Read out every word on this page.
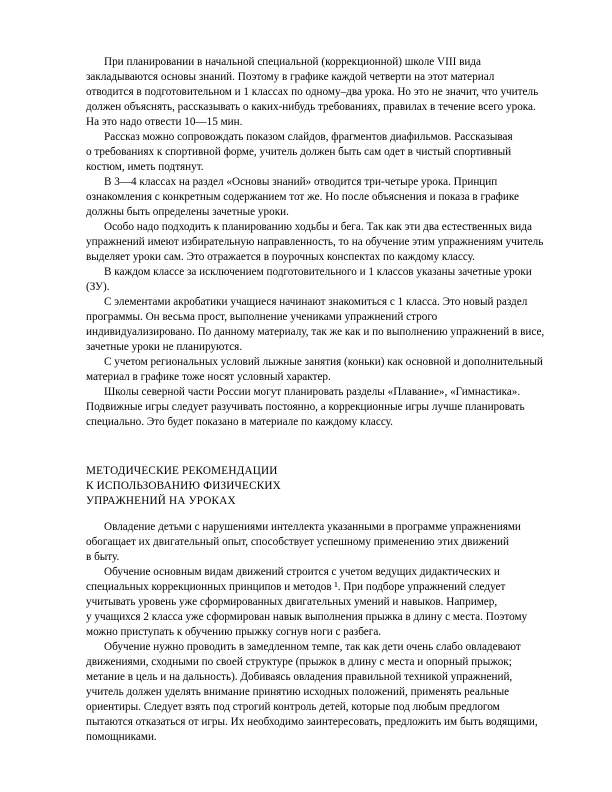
При планировании в начальной специальной (коррекционной) школе VIII вида
закладываются основы знаний. Поэтому в графике каждой четверти на этот материал
отводится в подготовительном и 1 классах по одному–два урока. Но это не значит, что учитель
должен объяснять, рассказывать о каких-нибудь требованиях, правилах в течение всего урока.
На это надо отвести 10—15 мин.
Рассказ можно сопровождать показом слайдов, фрагментов диафильмов. Рассказывая
о требованиях к спортивной форме, учитель должен быть сам одет в чистый спортивный
костюм, иметь подтянут.
В 3—4 классах на раздел «Основы знаний» отводится три-четыре урока. Принцип
ознакомления с конкретным содержанием тот же. Но после объяснения и показа в графике
должны быть определены зачетные уроки.
Особо надо подходить к планированию ходьбы и бега. Так как эти два естественных вида
упражнений имеют избирательную направленность, то на обучение этим упражнениям учитель
выделяет уроки сам. Это отражается в поурочных конспектах по каждому классу.
В каждом классе за исключением подготовительного и 1 классов указаны зачетные уроки
(ЗУ).
С элементами акробатики учащиеся начинают знакомиться с 1 класса. Это новый раздел
программы. Он весьма прост, выполнение учениками упражнений строго
индивидуализировано. По данному материалу, так же как и по выполнению упражнений в висе,
зачетные уроки не планируются.
С учетом региональных условий лыжные занятия (коньки) как основной и дополнительный
материал в графике тоже носят условный характер.
Школы северной части России могут планировать разделы «Плавание», «Гимнастика».
Подвижные игры следует разучивать постоянно, а коррекционные игры лучше планировать
специально. Это будет показано в материале по каждому классу.
МЕТОДИЧЕСКИЕ РЕКОМЕНДАЦИИ
К ИСПОЛЬЗОВАНИЮ ФИЗИЧЕСКИХ
УПРАЖНЕНИЙ НА УРОКАХ
Овладение детьми с нарушениями интеллекта указанными в программе упражнениями
обогащает их двигательный опыт, способствует успешному применению этих движений
в быту.
Обучение основным видам движений строится с учетом ведущих дидактических и
специальных коррекционных принципов и методов ¹. При подборе упражнений следует
учитывать уровень уже сформированных двигательных умений и навыков. Например,
у учащихся 2 класса уже сформирован навык выполнения прыжка в длину с места. Поэтому
можно приступать к обучению прыжку согнув ноги с разбега.
Обучение нужно проводить в замедленном темпе, так как дети очень слабо овладевают
движениями, сходными по своей структуре (прыжок в длину с места и опорный прыжок;
метание в цель и на дальность). Добиваясь овладения правильной техникой упражнений,
учитель должен уделять внимание принятию исходных положений, применять реальные
ориентиры. Следует взять под строгий контроль детей, которые под любым предлогом
пытаются отказаться от игры. Их необходимо заинтересовать, предложить им быть водящими,
помощниками.
